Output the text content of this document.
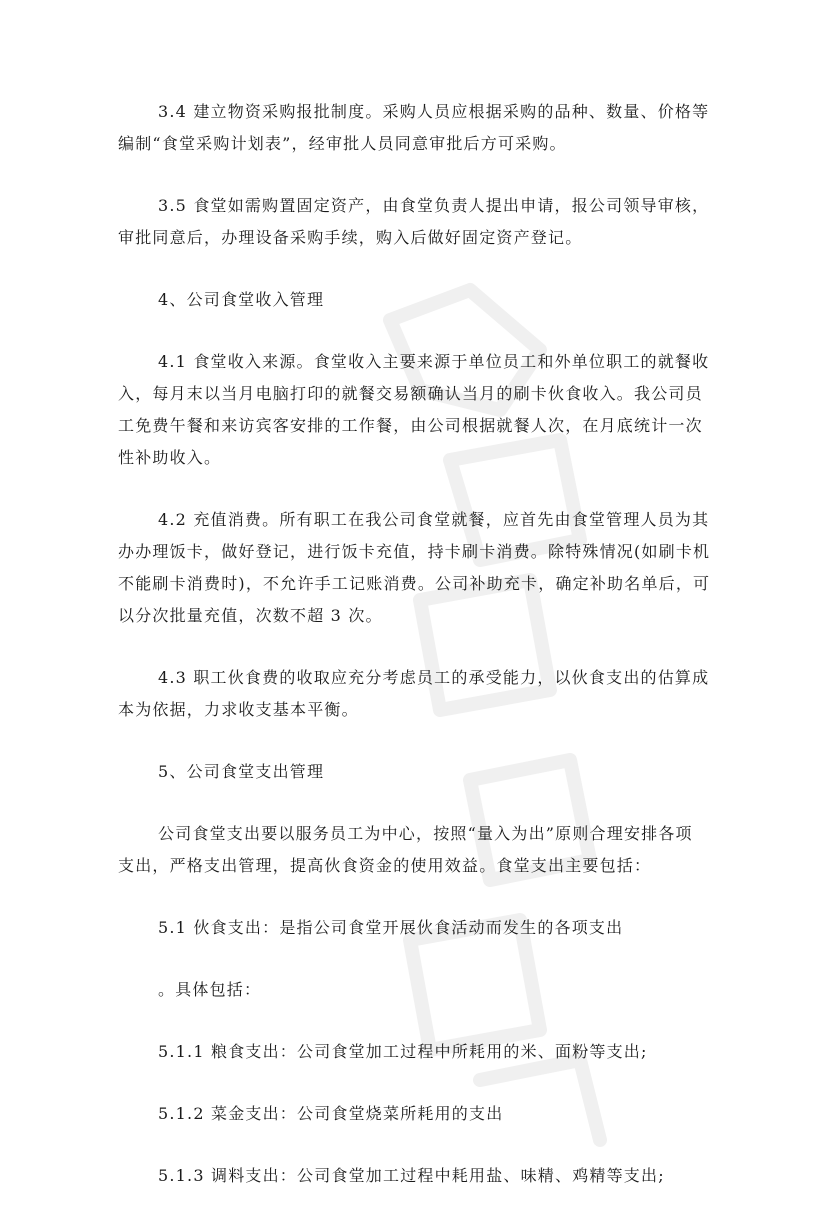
3.4 建立物资采购报批制度。采购人员应根据采购的品种、数量、价格等
编制“食堂采购计划表”，经审批人员同意审批后方可采购。

3.5 食堂如需购置固定资产，由食堂负责人提出申请，报公司领导审核，
审批同意后，办理设备采购手续，购入后做好固定资产登记。

4、公司食堂收入管理

4.1 食堂收入来源。食堂收入主要来源于单位员工和外单位职工的就餐收
入，每月末以当月电脑打印的就餐交易额确认当月的刷卡伙食收入。我公司员
工免费午餐和来访宾客安排的工作餐，由公司根据就餐人次，在月底统计一次
性补助收入。

4.2 充值消费。所有职工在我公司食堂就餐，应首先由食堂管理人员为其
办办理饭卡，做好登记，进行饭卡充值，持卡刷卡消费。除特殊情况(如刷卡机
不能刷卡消费时)，不允许手工记账消费。公司补助充卡，确定补助名单后，可
以分次批量充值，次数不超 3 次。

4.3 职工伙食费的收取应充分考虑员工的承受能力，以伙食支出的估算成
本为依据，力求收支基本平衡。

5、公司食堂支出管理

公司食堂支出要以服务员工为中心，按照“量入为出”原则合理安排各项
支出，严格支出管理，提高伙食资金的使用效益。食堂支出主要包括：

5.1 伙食支出：是指公司食堂开展伙食活动而发生的各项支出

。具体包括：

5.1.1 粮食支出：公司食堂加工过程中所耗用的米、面粉等支出;

5.1.2 菜金支出：公司食堂烧菜所耗用的支出

5.1.3 调料支出：公司食堂加工过程中耗用盐、味精、鸡精等支出;
